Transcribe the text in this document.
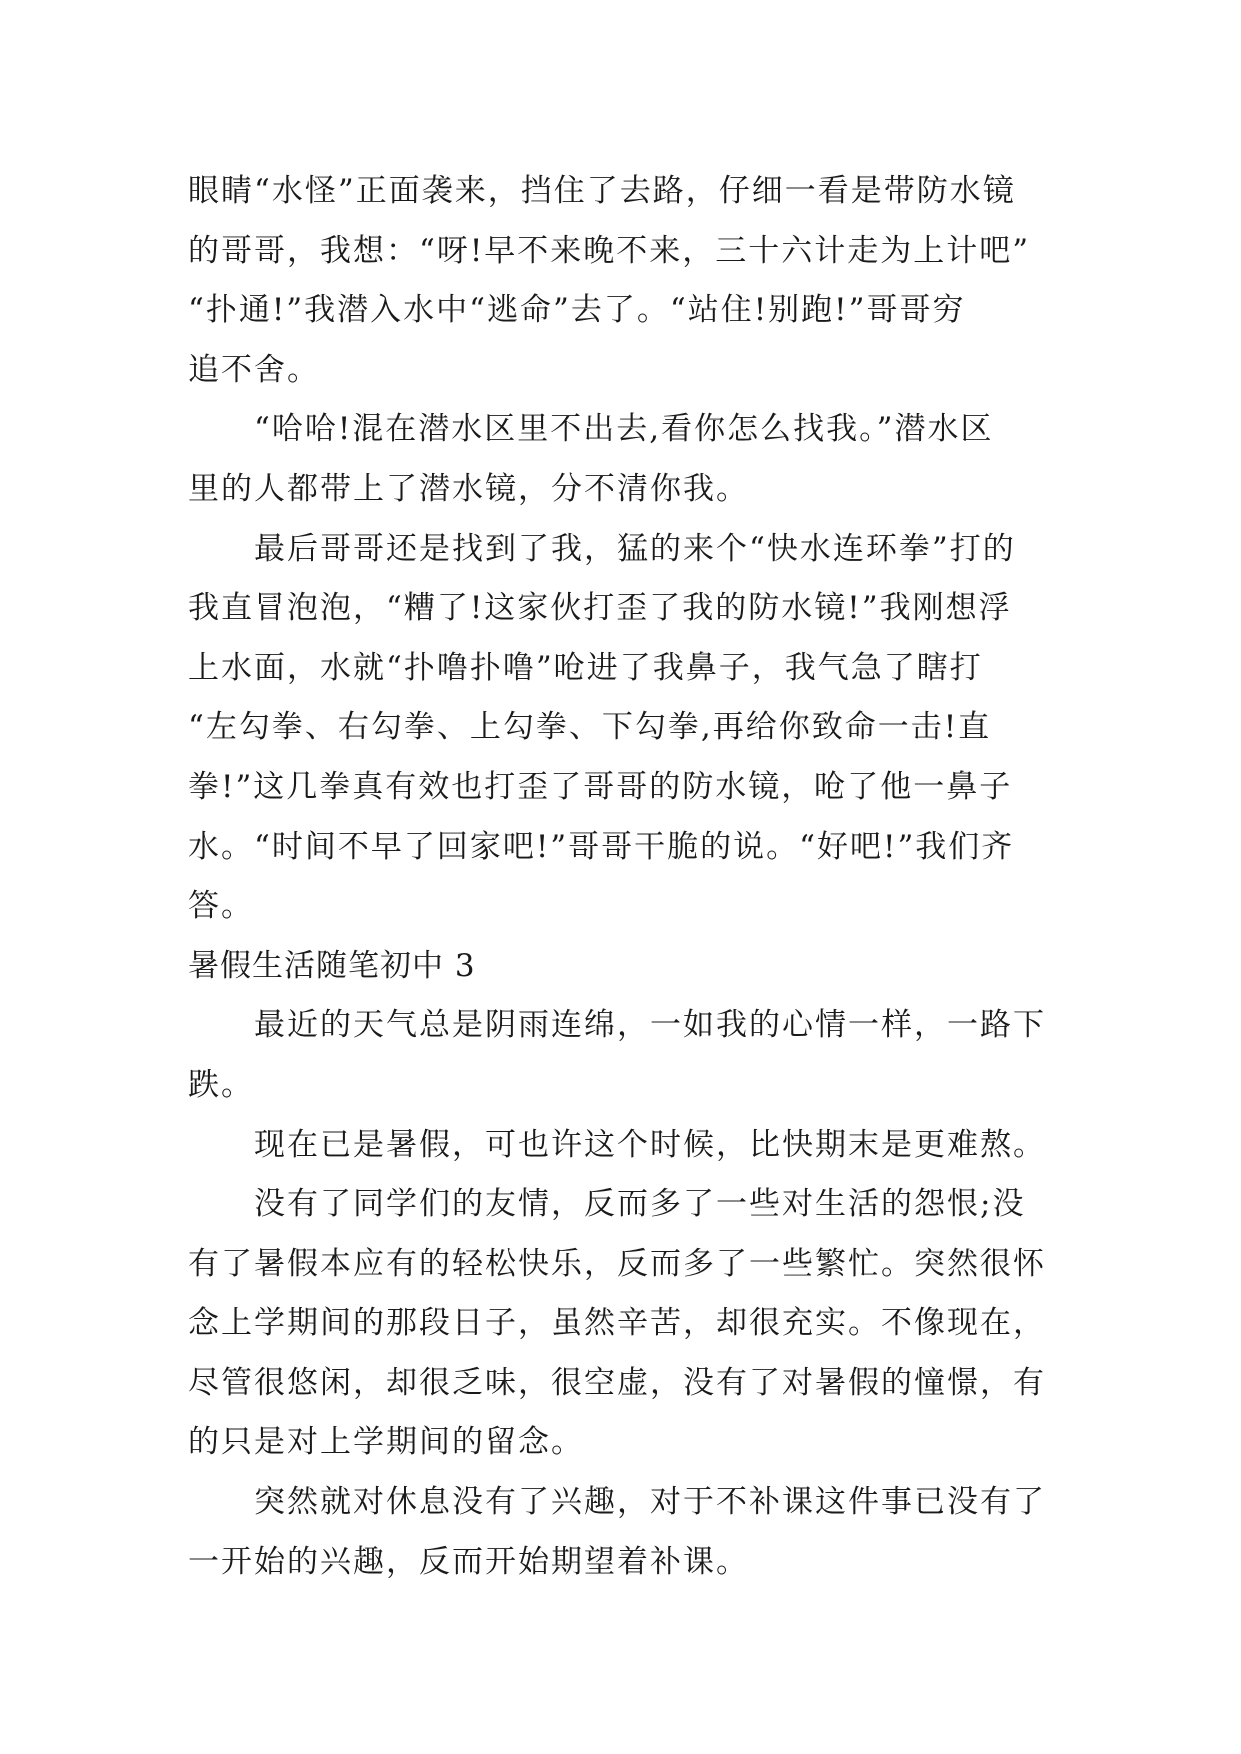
眼睛“水怪”正面袭来，挡住了去路，仔细一看是带防水镜
的哥哥，我想：“呀!早不来晚不来，三十六计走为上计吧”
“扑通!”我潜入水中“逃命”去了。“站住!别跑!”哥哥穷
追不舍。
“哈哈!混在潜水区里不出去,看你怎么找我。”潜水区
里的人都带上了潜水镜，分不清你我。
最后哥哥还是找到了我，猛的来个“快水连环拳”打的
我直冒泡泡，“糟了!这家伙打歪了我的防水镜!”我刚想浮
上水面，水就“扑噜扑噜”呛进了我鼻子，我气急了瞎打
“左勾拳、右勾拳、上勾拳、下勾拳,再给你致命一击!直
拳!”这几拳真有效也打歪了哥哥的防水镜，呛了他一鼻子
水。“时间不早了回家吧!”哥哥干脆的说。“好吧!”我们齐
答。
暑假生活随笔初中 3
最近的天气总是阴雨连绵，一如我的心情一样，一路下
跌。
现在已是暑假，可也许这个时候，比快期末是更难熬。
没有了同学们的友情，反而多了一些对生活的怨恨;没
有了暑假本应有的轻松快乐，反而多了一些繁忙。突然很怀
念上学期间的那段日子，虽然辛苦，却很充实。不像现在，
尽管很悠闲，却很乏味，很空虚，没有了对暑假的憧憬，有
的只是对上学期间的留念。
突然就对休息没有了兴趣，对于不补课这件事已没有了
一开始的兴趣，反而开始期望着补课。
